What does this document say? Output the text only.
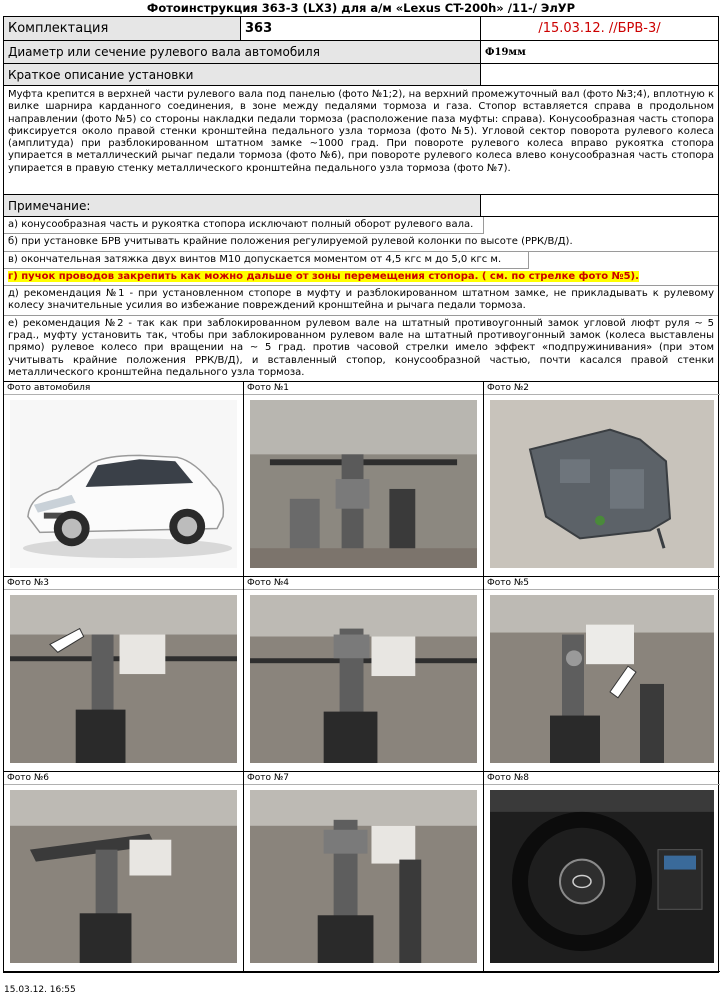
Фотоинструкция 363-3 (LX3) для а/м «Lexus CT-200h» /11-/ ЭлУР
Комплектация	363	/15.03.12. //БРВ-3/
Диаметр или сечение рулевого вала автомобиля	Ф19мм
Краткое описание установки
Муфта крепится в верхней части рулевого вала под панелью (фото №1;2), на верхний промежуточный вал (фото №3;4), вплотную к вилке шарнира карданного соединения, в зоне между педалями тормоза и газа. Стопор вставляется справа в продольном направлении (фото №5) со стороны накладки педали тормоза (расположение паза муфты: справа). Конусообразная часть стопора фиксируется около правой стенки кронштейна педального узла тормоза (фото №5). Угловой сектор поворота рулевого колеса (амплитуда) при разблокированном штатном замке ~1000 град. При повороте рулевого колеса вправо рукоятка стопора упирается в металлический рычаг педали тормоза (фото №6), при повороте рулевого колеса влево конусообразная часть стопора упирается в правую стенку металлического кронштейна педального узла тормоза (фото №7).
Примечание:
а) конусообразная часть и рукоятка стопора исключают полный оборот рулевого вала.
б) при установке БРВ учитывать крайние положения регулируемой рулевой колонки по высоте (РРК/В/Д).
в) окончательная затяжка двух винтов М10 допускается моментом от 4,5 кгс м до 5,0 кгс м.
г) пучок проводов закрепить как можно дальше от зоны перемещения стопора. ( см. по стрелке фото №5).
д) рекомендация №1 - при установленном стопоре в муфту и разблокированном штатном замке, не прикладывать к рулевому колесу значительные усилия во избежание повреждений кронштейна и рычага педали тормоза.
е) рекомендация №2 - так как при заблокированном рулевом вале на штатный противоугонный замок угловой люфт руля ~ 5 град., муфту установить так, чтобы при заблокированном рулевом вале на штатный противоугонный замок (колеса выставлены прямо) рулевое колесо при вращении на ~ 5 град. против часовой стрелки имело эффект «подпружинивания» (при этом учитывать крайние положения РРК/В/Д), и вставленный стопор, конусообразной частью, почти касался правой стенки металлического кронштейна педального узла тормоза.
Фото автомобиля	Фото №1	Фото №2
Фото №3	Фото №4	Фото №5
Фото №6	Фото №7	Фото №8
15.03.12. 16:55
